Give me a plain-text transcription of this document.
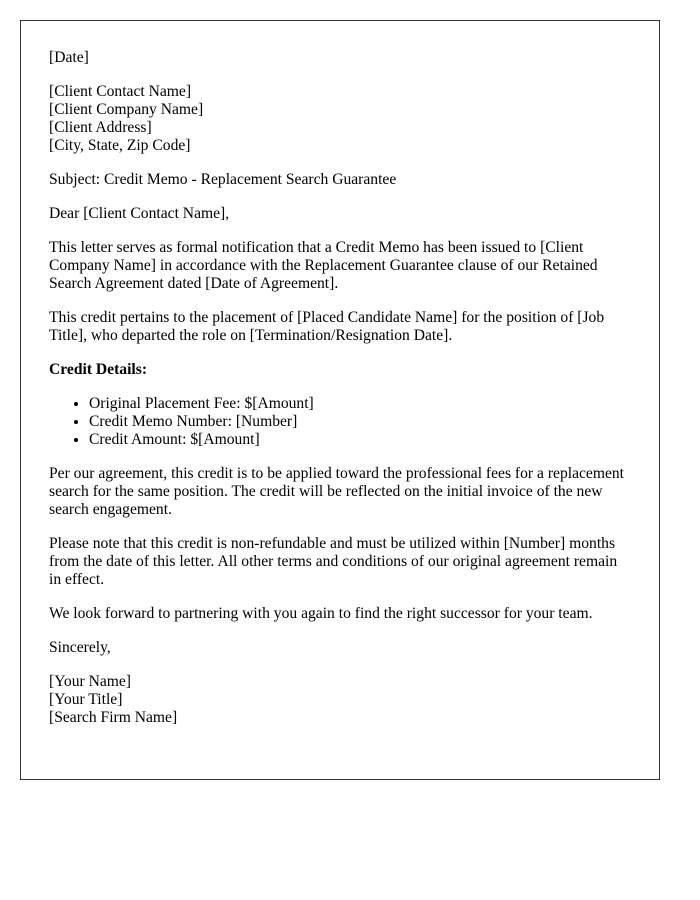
[Date]

[Client Contact Name]
[Client Company Name]
[Client Address]
[City, State, Zip Code]

Subject: Credit Memo - Replacement Search Guarantee

Dear [Client Contact Name],

This letter serves as formal notification that a Credit Memo has been issued to [Client Company Name] in accordance with the Replacement Guarantee clause of our Retained Search Agreement dated [Date of Agreement].

This credit pertains to the placement of [Placed Candidate Name] for the position of [Job Title], who departed the role on [Termination/Resignation Date].

Credit Details:

• Original Placement Fee: $[Amount]
• Credit Memo Number: [Number]
• Credit Amount: $[Amount]

Per our agreement, this credit is to be applied toward the professional fees for a replacement search for the same position. The credit will be reflected on the initial invoice of the new search engagement.

Please note that this credit is non-refundable and must be utilized within [Number] months from the date of this letter. All other terms and conditions of our original agreement remain in effect.

We look forward to partnering with you again to find the right successor for your team.

Sincerely,

[Your Name]
[Your Title]
[Search Firm Name]
